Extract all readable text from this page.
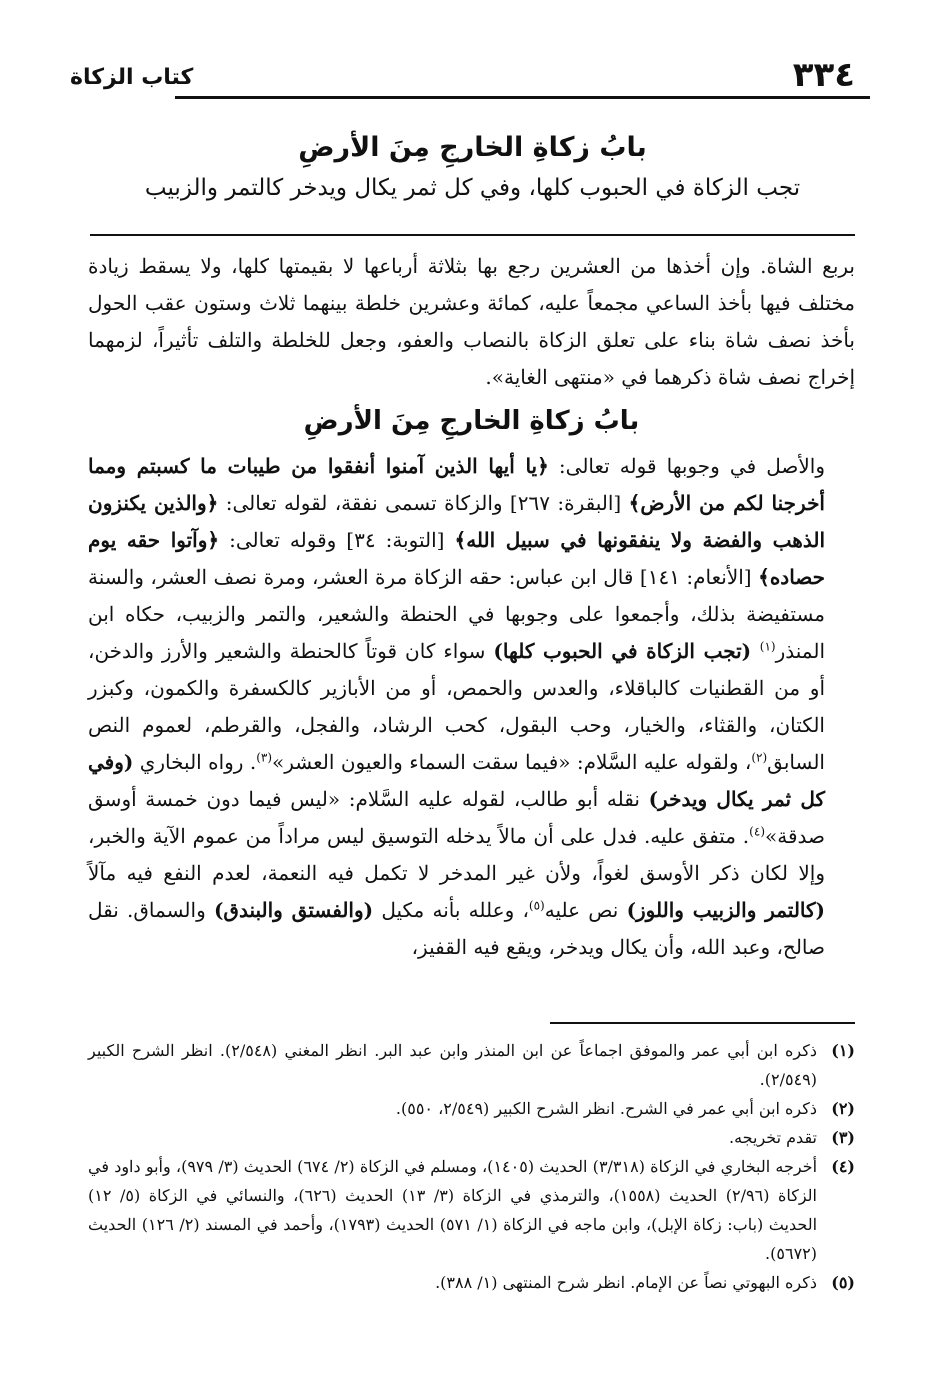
٣٣٤
كتاب الزكاة

بابُ زكاةِ الخارجِ مِنَ الأرضِ

تجب الزكاة في الحبوب كلها، وفي كل ثمر يكال ويدخر كالتمر والزبيب

بربع الشاة. وإن أخذها من العشرين رجع بها بثلاثة أرباعها لا بقيمتها كلها، ولا يسقط زيادة مختلف فيها بأخذ الساعي مجمعاً عليه، كمائة وعشرين خلطة بينهما ثلاث وستون عقب الحول بأخذ نصف شاة بناء على تعلق الزكاة بالنصاب والعفو، وجعل للخلطة والتلف تأثيراً، لزمهما إخراج نصف شاة ذكرهما في «منتهى الغاية».

بابُ زكاةِ الخارجِ مِنَ الأرضِ

والأصل في وجوبها قوله تعالى: ﴿يا أيها الذين آمنوا أنفقوا من طيبات ما كسبتم ومما أخرجنا لكم من الأرض﴾ [البقرة: ٢٦٧] والزكاة تسمى نفقة، لقوله تعالى: ﴿والذين يكنزون الذهب والفضة ولا ينفقونها في سبيل الله﴾ [التوبة: ٣٤] وقوله تعالى: ﴿وآتوا حقه يوم حصاده﴾ [الأنعام: ١٤١] قال ابن عباس: حقه الزكاة مرة العشر، ومرة نصف العشر، والسنة مستفيضة بذلك، وأجمعوا على وجوبها في الحنطة والشعير، والتمر والزبيب، حكاه ابن المنذر$^{(١)}$ (تجب الزكاة في الحبوب كلها) سواء كان قوتاً كالحنطة والشعير والأرز والدخن، أو من القطنيات كالباقلاء، والعدس والحمص، أو من الأبازير كالكسفرة والكمون، وكبزر الكتان، والقثاء، والخيار، وحب البقول، كحب الرشاد، والفجل، والقرطم، لعموم النص السابق$^{(٢)}$، ولقوله عليه السَّلام: «فيما سقت السماء والعيون العشر»$^{(٣)}$. رواه البخاري (وفي كل ثمر يكال ويدخر) نقله أبو طالب، لقوله عليه السَّلام: «ليس فيما دون خمسة أوسق صدقة»$^{(٤)}$. متفق عليه. فدل على أن مالاً يدخله التوسيق ليس مراداً من عموم الآية والخبر، وإلا لكان ذكر الأوسق لغواً، ولأن غير المدخر لا تكمل فيه النعمة، لعدم النفع فيه مآلاً (كالتمر والزبيب واللوز) نص عليه$^{(٥)}$، وعلله بأنه مكيل (والفستق والبندق) والسماق. نقل صالح، وعبد الله، وأن يكال ويدخر، ويقع فيه القفيز،

(١)
ذكره ابن أبي عمر والموفق اجماعاً عن ابن المنذر وابن عبد البر. انظر المغني (٢/٥٤٨). انظر الشرح الكبير (٢/٥٤٩).
(٢)
ذكره ابن أبي عمر في الشرح. انظر الشرح الكبير (٢/٥٤٩، ٥٥٠).
(٣)
تقدم تخريجه.
(٤)
أخرجه البخاري في الزكاة (٣/٣١٨) الحديث (١٤٠٥)، ومسلم في الزكاة (٢/ ٦٧٤) الحديث (٣/ ٩٧٩)، وأبو داود في الزكاة (٢/٩٦) الحديث (١٥٥٨)، والترمذي في الزكاة (٣/ ١٣) الحديث (٦٢٦)، والنسائي في الزكاة (٥/ ١٢) الحديث (باب: زكاة الإبل)، وابن ماجه في الزكاة (١/ ٥٧١) الحديث (١٧٩٣)، وأحمد في المسند (٢/ ١٢٦) الحديث (٥٦٧٢).
(٥)
ذكره البهوتي نصاً عن الإمام. انظر شرح المنتهى (١/ ٣٨٨).
